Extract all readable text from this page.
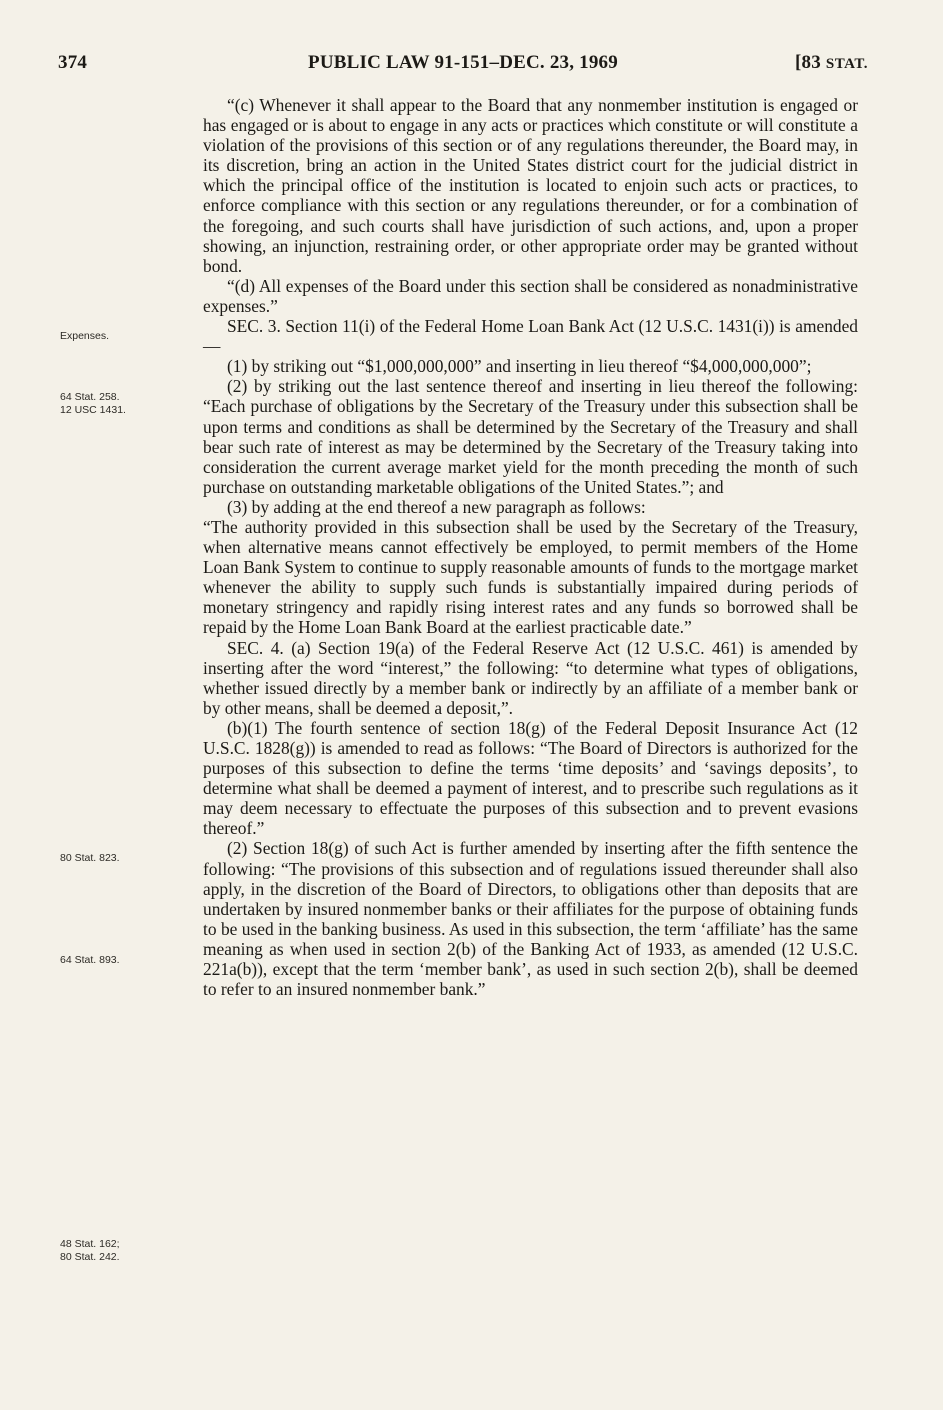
374	PUBLIC LAW 91-151–DEC. 23, 1969	[83 STAT.
Expenses.
64 Stat. 258.
12 USC 1431.
80 Stat. 823.
64 Stat. 893.
48 Stat. 162;
80 Stat. 242.

“(c) Whenever it shall appear to the Board that any nonmember institution is engaged or has engaged or is about to engage in any acts or practices which constitute or will constitute a violation of the provisions of this section or of any regulations thereunder, the Board may, in its discretion, bring an action in the United States district court for the judicial district in which the principal office of the institution is located to enjoin such acts or practices, to enforce compliance with this section or any regulations thereunder, or for a combination of the foregoing, and such courts shall have jurisdiction of such actions, and, upon a proper showing, an injunction, restraining order, or other appropriate order may be granted without bond.

“(d) All expenses of the Board under this section shall be considered as nonadministrative expenses.”

SEC. 3. Section 11(i) of the Federal Home Loan Bank Act (12 U.S.C. 1431(i)) is amended—

(1) by striking out “$1,000,000,000” and inserting in lieu thereof “$4,000,000,000”;

(2) by striking out the last sentence thereof and inserting in lieu thereof the following: “Each purchase of obligations by the Secretary of the Treasury under this subsection shall be upon terms and conditions as shall be determined by the Secretary of the Treasury and shall bear such rate of interest as may be determined by the Secretary of the Treasury taking into consideration the current average market yield for the month preceding the month of such purchase on outstanding marketable obligations of the United States.”; and

(3) by adding at the end thereof a new paragraph as follows:

“The authority provided in this subsection shall be used by the Secretary of the Treasury, when alternative means cannot effectively be employed, to permit members of the Home Loan Bank System to continue to supply reasonable amounts of funds to the mortgage market whenever the ability to supply such funds is substantially impaired during periods of monetary stringency and rapidly rising interest rates and any funds so borrowed shall be repaid by the Home Loan Bank Board at the earliest practicable date.”

SEC. 4. (a) Section 19(a) of the Federal Reserve Act (12 U.S.C. 461) is amended by inserting after the word “interest,” the following: “to determine what types of obligations, whether issued directly by a member bank or indirectly by an affiliate of a member bank or by other means, shall be deemed a deposit,”.

(b)(1) The fourth sentence of section 18(g) of the Federal Deposit Insurance Act (12 U.S.C. 1828(g)) is amended to read as follows: “The Board of Directors is authorized for the purposes of this subsection to define the terms ‘time deposits’ and ‘savings deposits’, to determine what shall be deemed a payment of interest, and to prescribe such regulations as it may deem necessary to effectuate the purposes of this subsection and to prevent evasions thereof.”

(2) Section 18(g) of such Act is further amended by inserting after the fifth sentence the following: “The provisions of this subsection and of regulations issued thereunder shall also apply, in the discretion of the Board of Directors, to obligations other than deposits that are undertaken by insured nonmember banks or their affiliates for the purpose of obtaining funds to be used in the banking business. As used in this subsection, the term ‘affiliate’ has the same meaning as when used in section 2(b) of the Banking Act of 1933, as amended (12 U.S.C. 221a(b)), except that the term ‘member bank’, as used in such section 2(b), shall be deemed to refer to an insured nonmember bank.”
